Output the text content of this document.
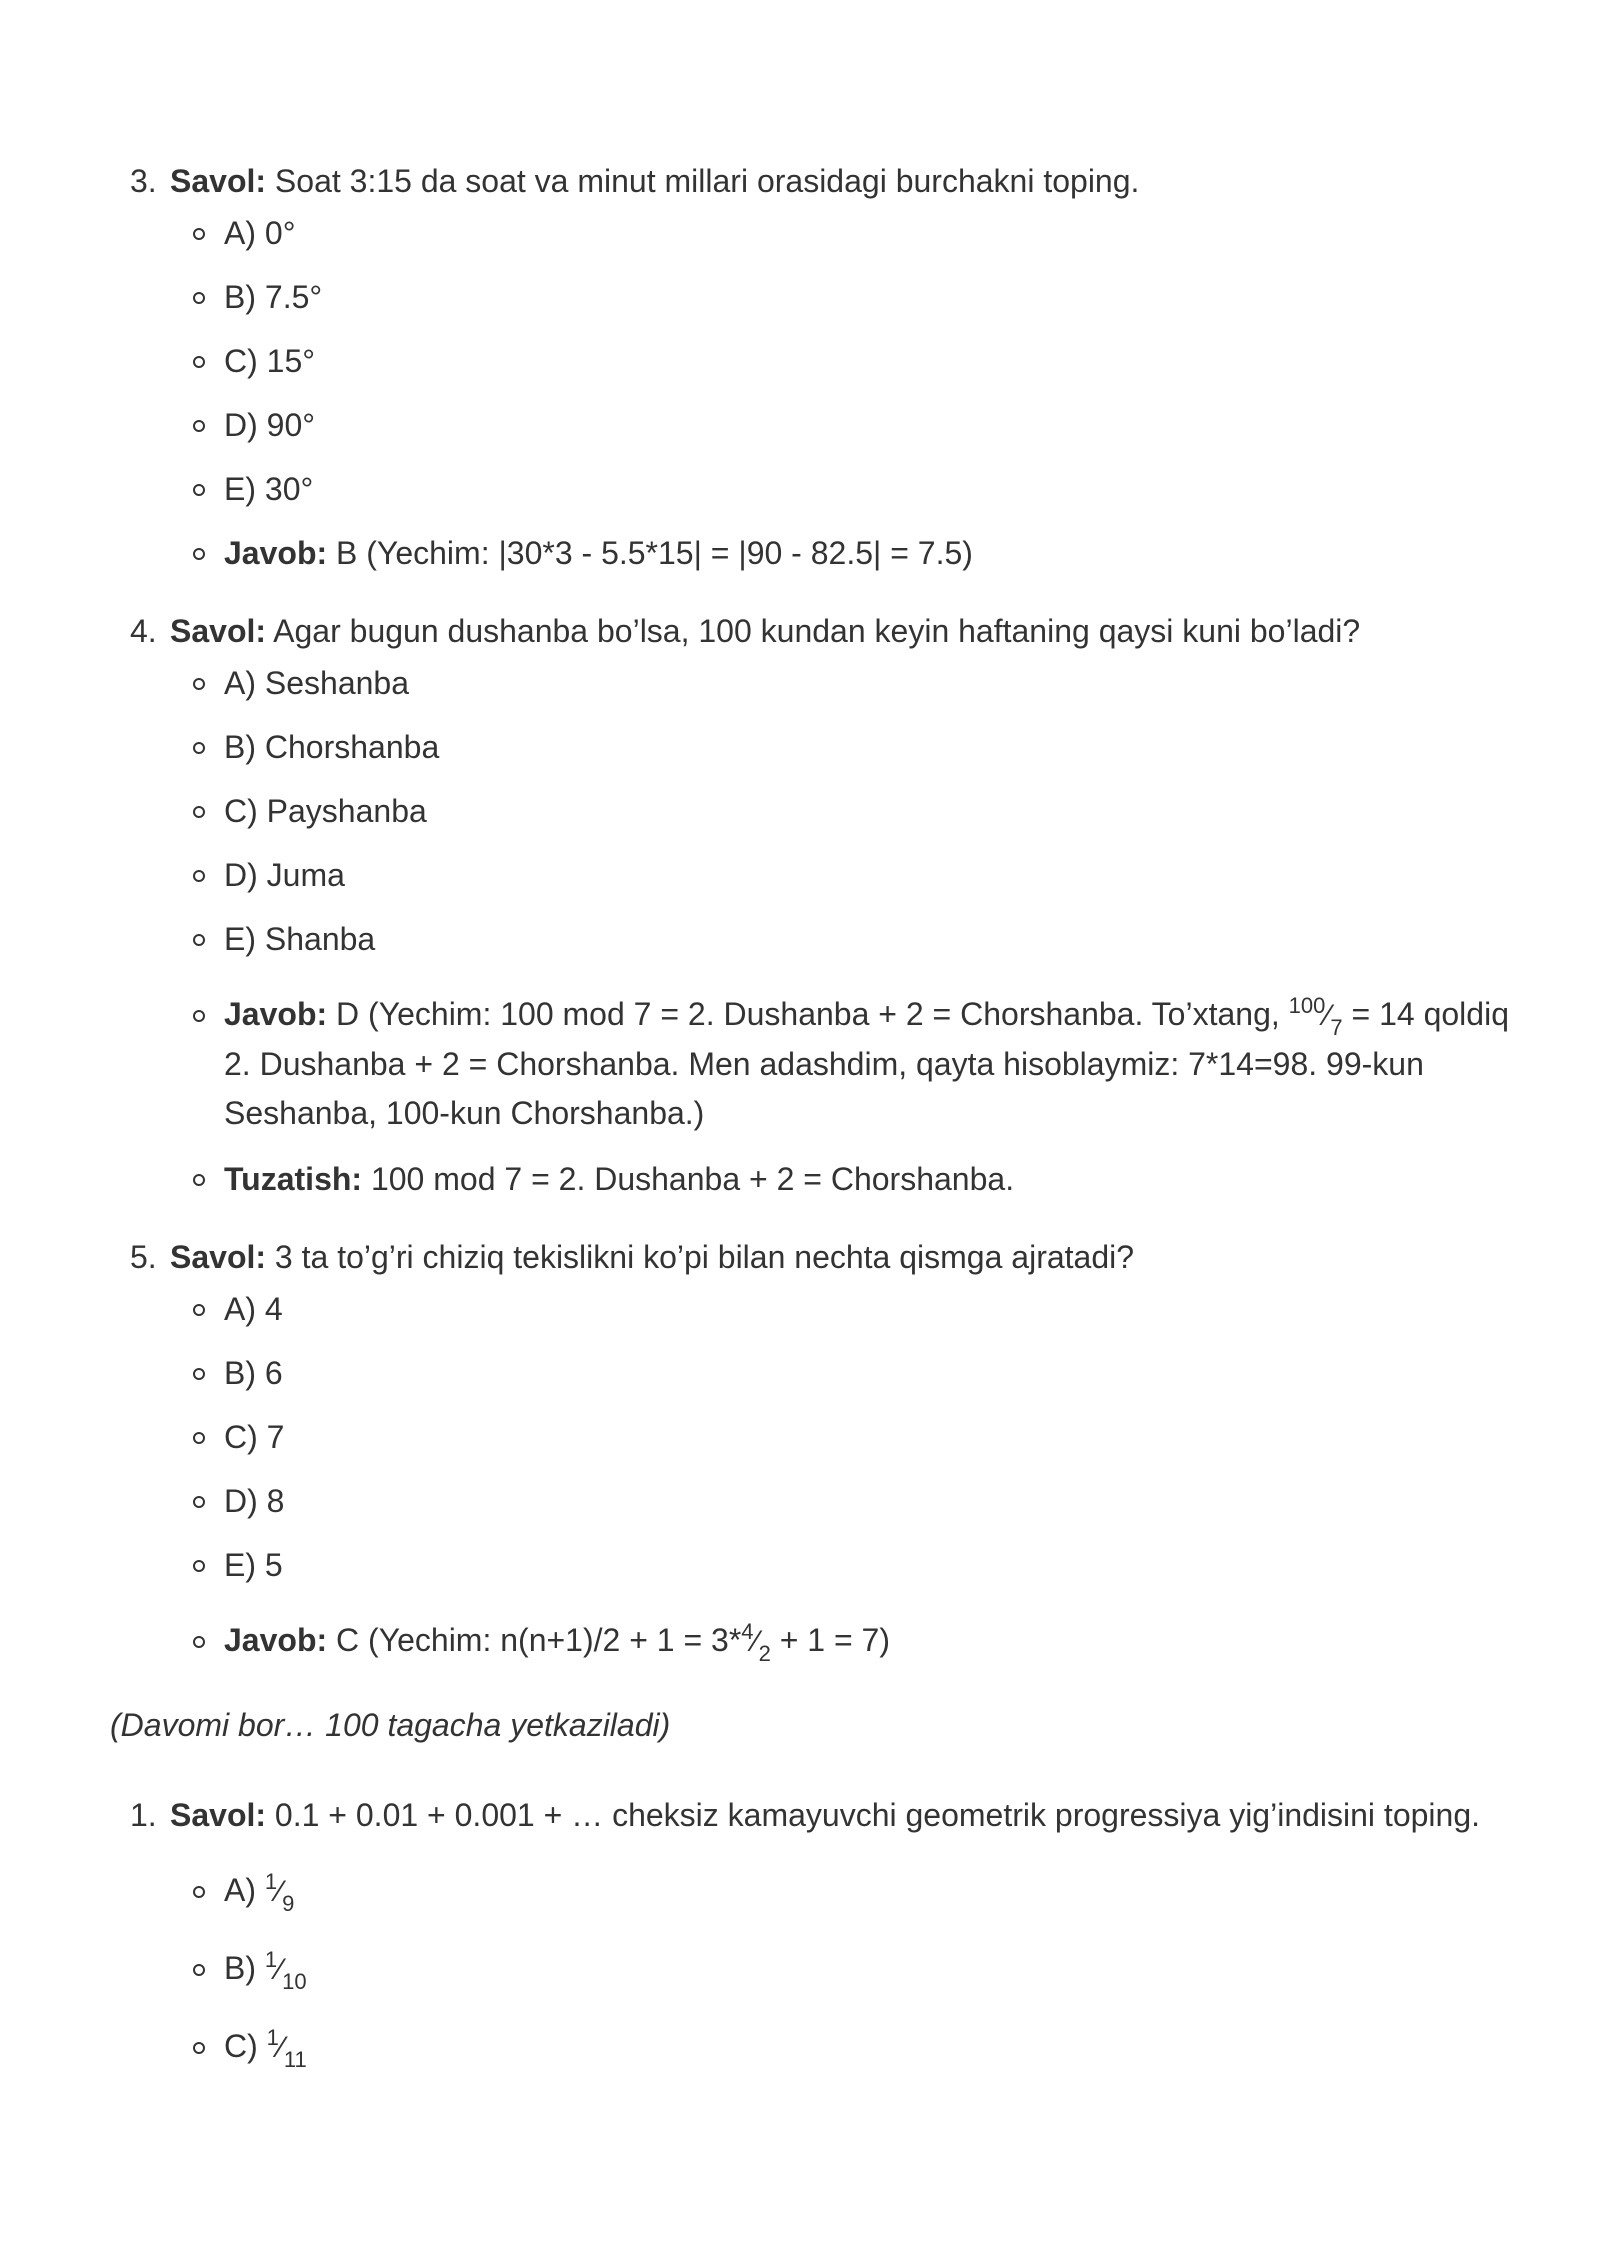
3. Savol: Soat 3:15 da soat va minut millari orasidagi burchakni toping.
A) 0°
B) 7.5°
C) 15°
D) 90°
E) 30°
Javob: B (Yechim: |30*3 - 5.5*15| = |90 - 82.5| = 7.5)
4. Savol: Agar bugun dushanba bo’lsa, 100 kundan keyin haftaning qaysi kuni bo’ladi?
A) Seshanba
B) Chorshanba
C) Payshanba
D) Juma
E) Shanba
Javob: D (Yechim: 100 mod 7 = 2. Dushanba + 2 = Chorshanba. To’xtang, $^{100}⁄_7 = 14$ qoldiq 2. Dushanba + 2 = Chorshanba. Men adashdim, qayta hisoblaymiz: 7*14=98. 99-kun Seshanba, 100-kun Chorshanba.)
Tuzatish: 100 mod 7 = 2. Dushanba + 2 = Chorshanba.
5. Savol: 3 ta to’g’ri chiziq tekislikni ko’pi bilan nechta qismga ajratadi?
A) 4
B) 6
C) 7
D) 8
E) 5
Javob: C (Yechim: $n(n+1)/2 + 1 = 3*^4⁄_2 + 1 = 7$)

(Davomi bor… 100 tagacha yetkaziladi)

1. Savol: 0.1 + 0.01 + 0.001 + … cheksiz kamayuvchi geometrik progressiya yig’indisini toping.
A) $^1⁄_9$
B) $^1⁄_{10}$
C) $^1⁄_{11}$
